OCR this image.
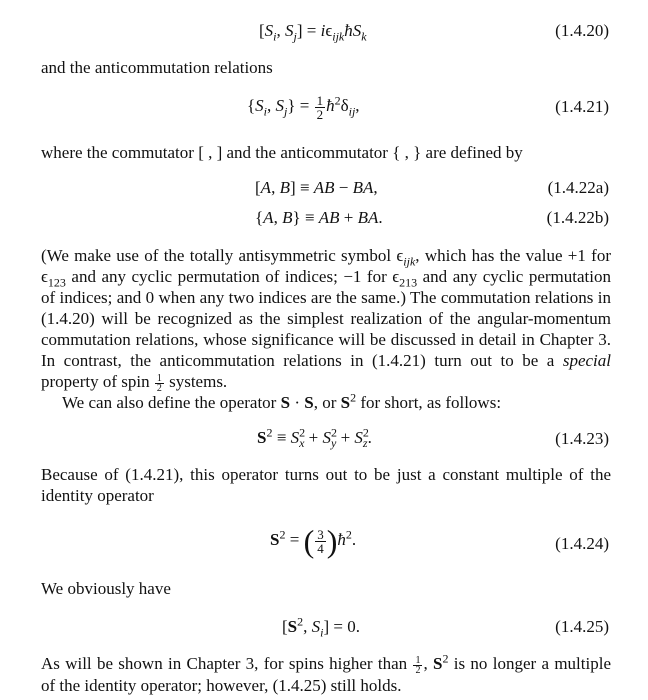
[$S_i$, $S_j$] = $i\epsilon_{ijk}ħS_k$	(1.4.20)
and the anticommutation relations
{$S_i$, $S_j\} = \frac{1}{2}$ $ħ^2\delta_{ij}$,	(1.4.21)
where the commutator [ , ] and the anticommutator { , } are defined by
[A, B] ≡ AB − BA,	(1.4.22a)
{A, B} ≡ AB + BA.	(1.4.22b)
(We make use of the totally antisymmetric symbol $\epsilon_{ijk}$, which has the value +1 for $\epsilon_{123}$ and any cyclic permutation of indices; −1 for $\epsilon_{213}$ and any cyclic permutation of indices; and 0 when any two indices are the same.) The commutation relations in (1.4.20) will be recognized as the simplest realization of the angular-momentum commutation relations, whose significance will be discussed in detail in Chapter 3. In contrast, the anticommutation relations in (1.4.21) turn out to be a special property of spin $\frac{1}{2}$ systems.
We can also define the operator S · S, or $S^2$ for short, as follows:
$S^2 \equiv S^2_x + S^2_y + S^2_z$.	(1.4.23)
Because of (1.4.21), this operator turns out to be just a constant multiple of the identity operator
$S^2$ = ( $\frac{3}{4}$ )$ħ^2$.	(1.4.24)
We obviously have
[$S^2$, $S_i] = 0$.	(1.4.25)
As will be shown in Chapter 3, for spins higher than $\frac{1}{2}$ , $S^2$ is no longer a multiple of the identity operator; however, (1.4.25) still holds.
